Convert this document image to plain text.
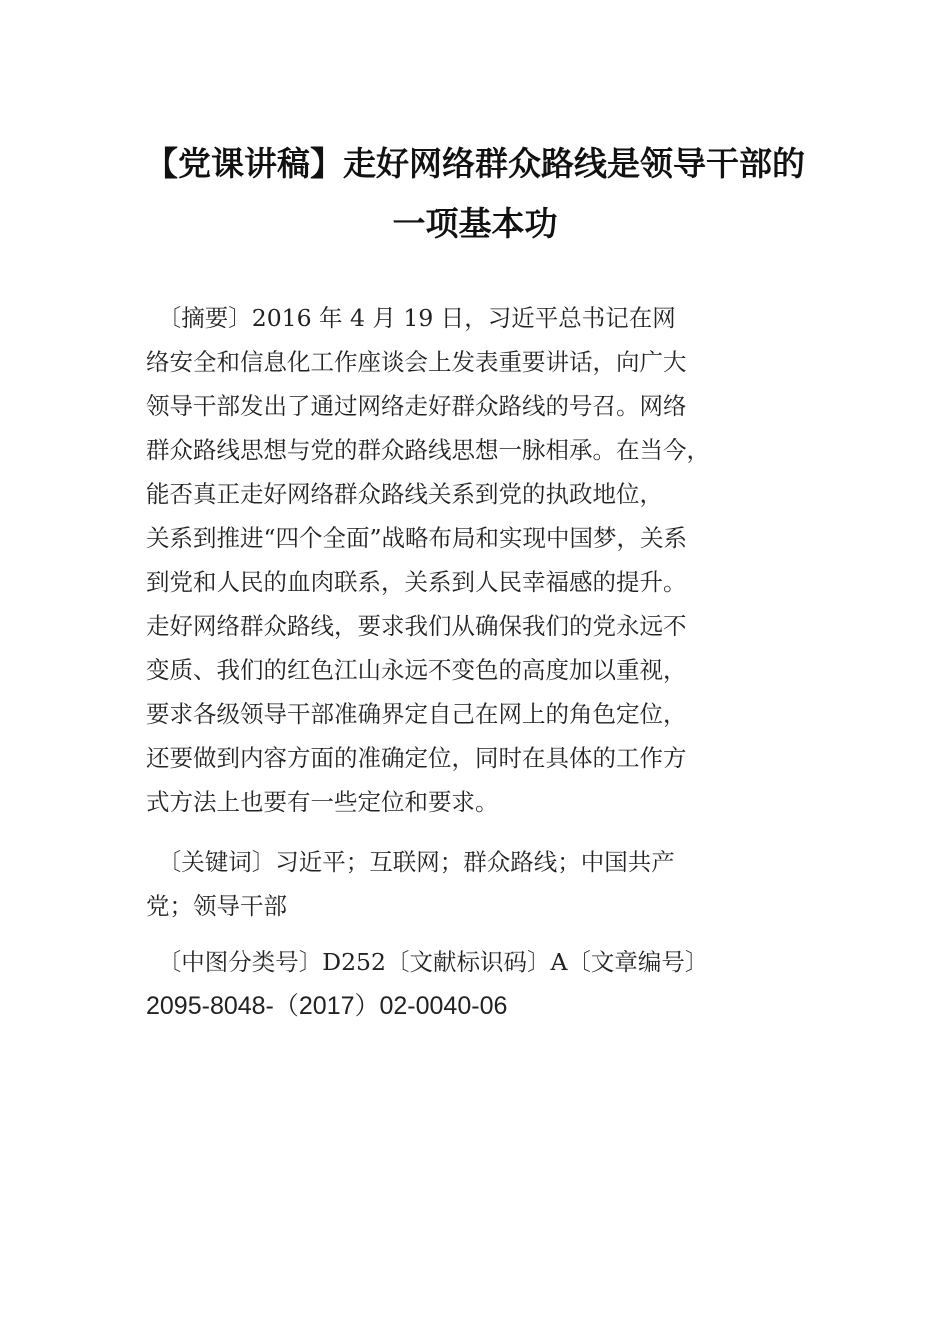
【党课讲稿】走好网络群众路线是领导干部的
一项基本功
　〔摘要〕2016 年 4 月 19 日，习近平总书记在网
络安全和信息化工作座谈会上发表重要讲话，向广大
领导干部发出了通过网络走好群众路线的号召。网络
群众路线思想与党的群众路线思想一脉相承。在当今，
能否真正走好网络群众路线关系到党的执政地位，
关系到推进“四个全面”战略布局和实现中国梦，关系
到党和人民的血肉联系，关系到人民幸福感的提升。
走好网络群众路线，要求我们从确保我们的党永远不
变质、我们的红色江山永远不变色的高度加以重视，
要求各级领导干部准确界定自己在网上的角色定位，
还要做到内容方面的准确定位，同时在具体的工作方
式方法上也要有一些定位和要求。
　〔关键词〕习近平；互联网；群众路线；中国共产
党；领导干部
　〔中图分类号〕D252〔文献标识码〕A〔文章编号〕
2095-8048-（2017）02-0040-06
